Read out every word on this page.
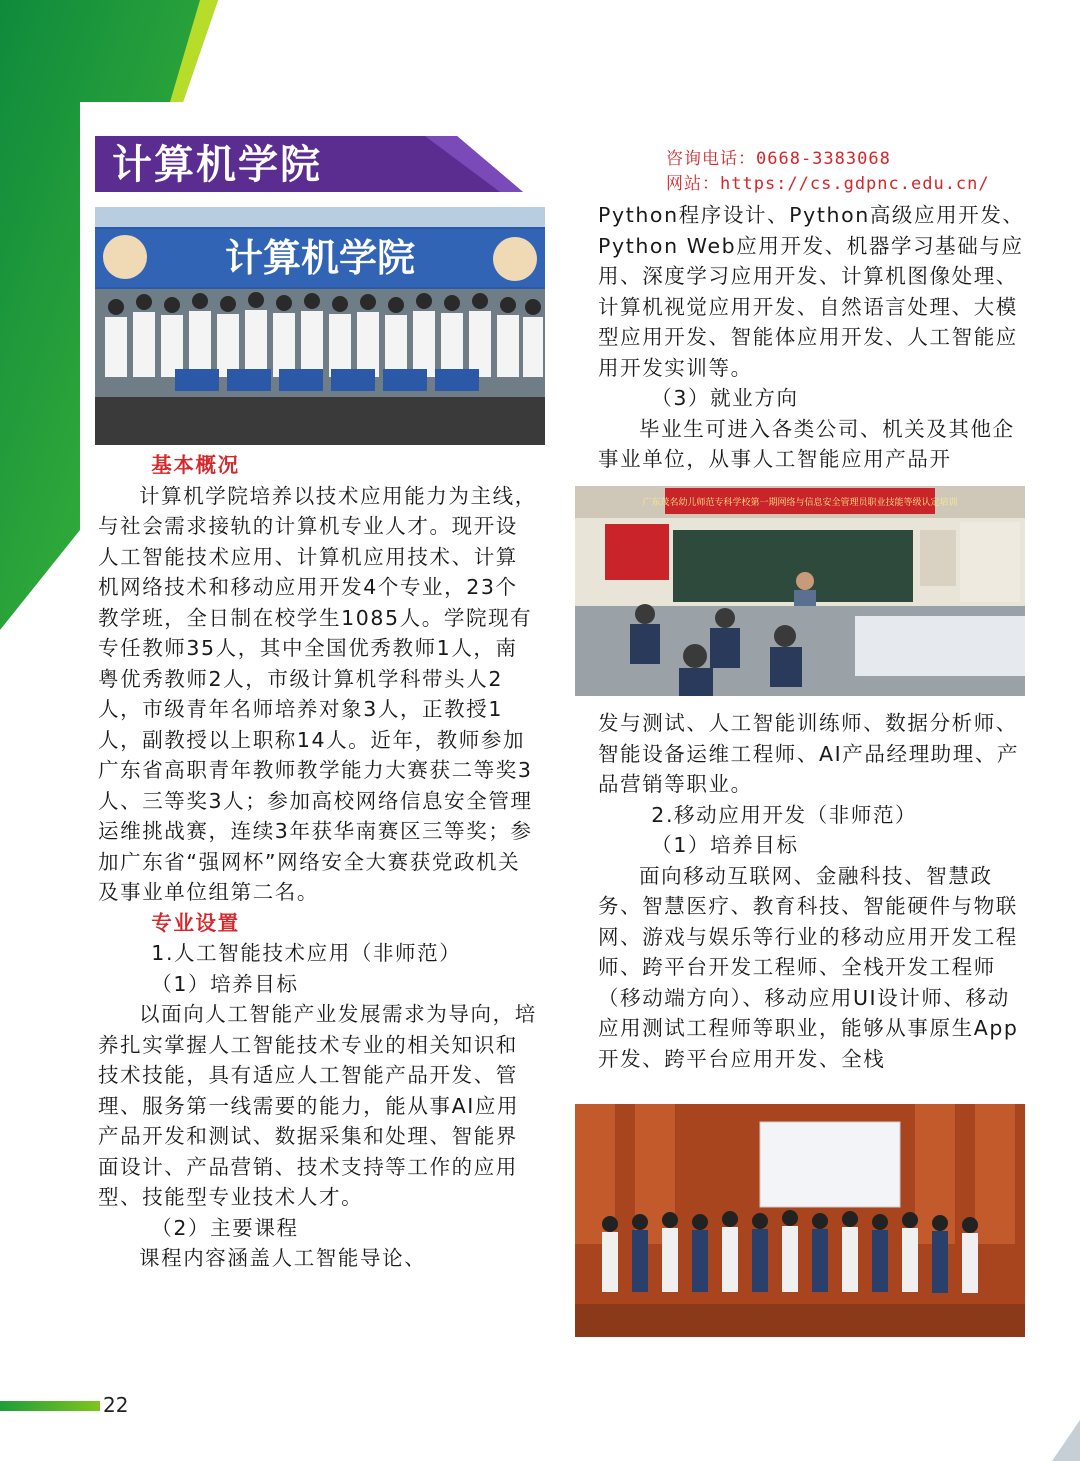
计算机学院	咨询电话：0668-3383068
网站：https://cs.gdpnc.edu.cn/
计算机学院
广东茂名幼儿师范专科学校第一期网络与信息安全管理员职业技能等级认定培训

基本概况

计算机学院培养以技术应用能力为主线，与社会需求接轨的计算机专业人才。现开设人工智能技术应用、计算机应用技术、计算机网络技术和移动应用开发4个专业，23个教学班，全日制在校学生1085人。学院现有专任教师35人，其中全国优秀教师1人，南粤优秀教师2人，市级计算机学科带头人2人，市级青年名师培养对象3人，正教授1人，副教授以上职称14人。近年，教师参加广东省高职青年教师教学能力大赛获二等奖3人、三等奖3人；参加高校网络信息安全管理运维挑战赛，连续3年获华南赛区三等奖；参加广东省“强网杯”网络安全大赛获党政机关及事业单位组第二名。

专业设置

1.人工智能技术应用（非师范）

（1）培养目标

以面向人工智能产业发展需求为导向，培养扎实掌握人工智能技术专业的相关知识和技术技能，具有适应人工智能产品开发、管理、服务第一线需要的能力，能从事AI应用产品开发和测试、数据采集和处理、智能界面设计、产品营销、技术支持等工作的应用型、技能型专业技术人才。

（2）主要课程

课程内容涵盖人工智能导论、

Python程序设计、Python高级应用开发、Python Web应用开发、机器学习基础与应用、深度学习应用开发、计算机图像处理、计算机视觉应用开发、自然语言处理、大模型应用开发、智能体应用开发、人工智能应用开发实训等。

（3）就业方向

毕业生可进入各类公司、机关及其他企事业单位，从事人工智能应用产品开

发与测试、人工智能训练师、数据分析师、智能设备运维工程师、AI产品经理助理、产品营销等职业。

2.移动应用开发（非师范）

（1）培养目标

面向移动互联网、金融科技、智慧政务、智慧医疗、教育科技、智能硬件与物联网、游戏与娱乐等行业的移动应用开发工程师、跨平台开发工程师、全栈开发工程师（移动端方向）、移动应用UI设计师、移动应用测试工程师等职业，能够从事原生App开发、跨平台应用开发、全栈

22
